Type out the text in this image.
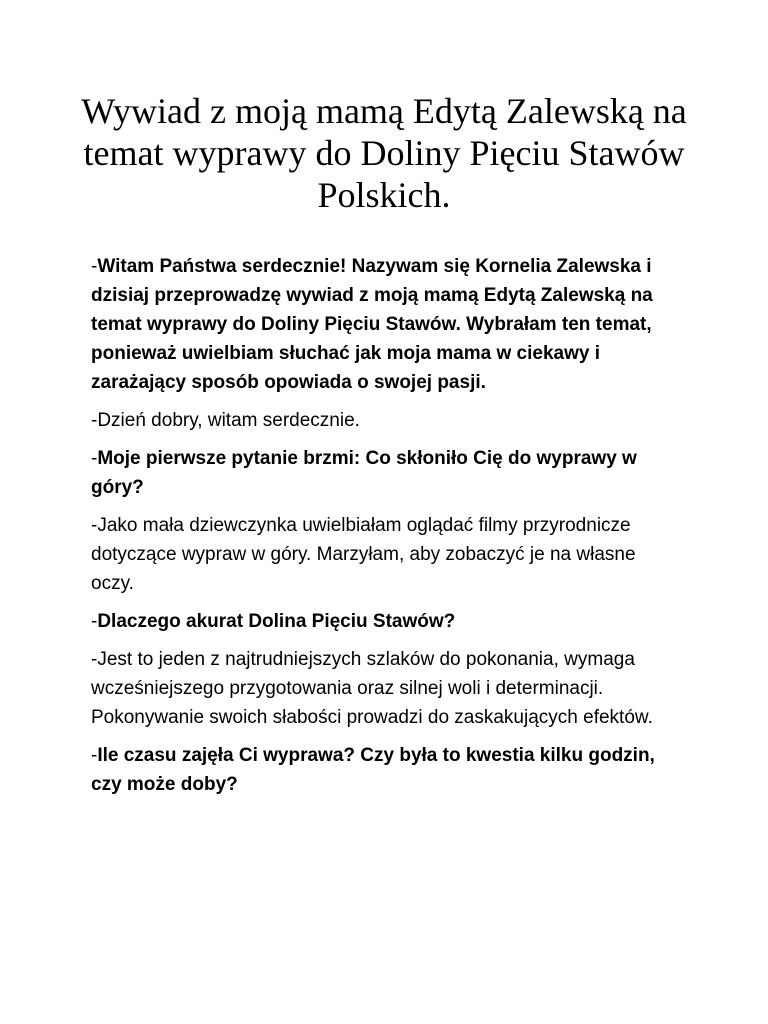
Wywiad z moją mamą Edytą Zalewską na temat wyprawy do Doliny Pięciu Stawów Polskich.

-Witam Państwa serdecznie! Nazywam się Kornelia Zalewska i dzisiaj przeprowadzę wywiad z moją mamą Edytą Zalewską na temat wyprawy do Doliny Pięciu Stawów. Wybrałam ten temat, ponieważ uwielbiam słuchać jak moja mama w ciekawy i zarażający sposób opowiada o swojej pasji.

-Dzień dobry, witam serdecznie.

-Moje pierwsze pytanie brzmi: Co skłoniło Cię do wyprawy w góry?

-Jako mała dziewczynka uwielbiałam oglądać filmy przyrodnicze dotyczące wypraw w góry. Marzyłam, aby zobaczyć je na własne oczy.

-Dlaczego akurat Dolina Pięciu Stawów?

-Jest to jeden z najtrudniejszych szlaków do pokonania, wymaga wcześniejszego przygotowania oraz silnej woli i determinacji. Pokonywanie swoich słabości prowadzi do zaskakujących efektów.

-Ile czasu zajęła Ci wyprawa? Czy była to kwestia kilku godzin, czy może doby?
